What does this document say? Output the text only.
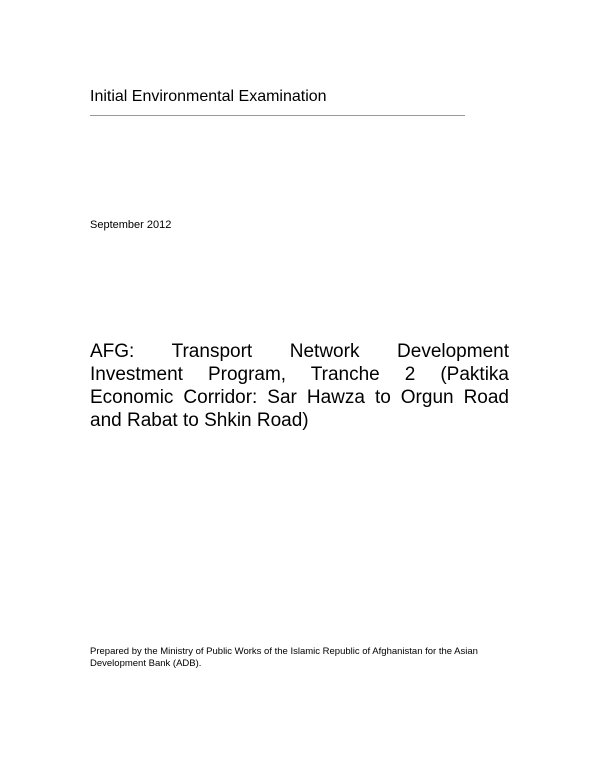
Initial Environmental Examination
September 2012
AFG: Transport Network Development Investment Program, Tranche 2 (Paktika Economic Corridor: Sar Hawza to Orgun Road and Rabat to Shkin Road)

Prepared by the Ministry of Public Works of the Islamic Republic of Afghanistan for the Asian Development Bank (ADB).
